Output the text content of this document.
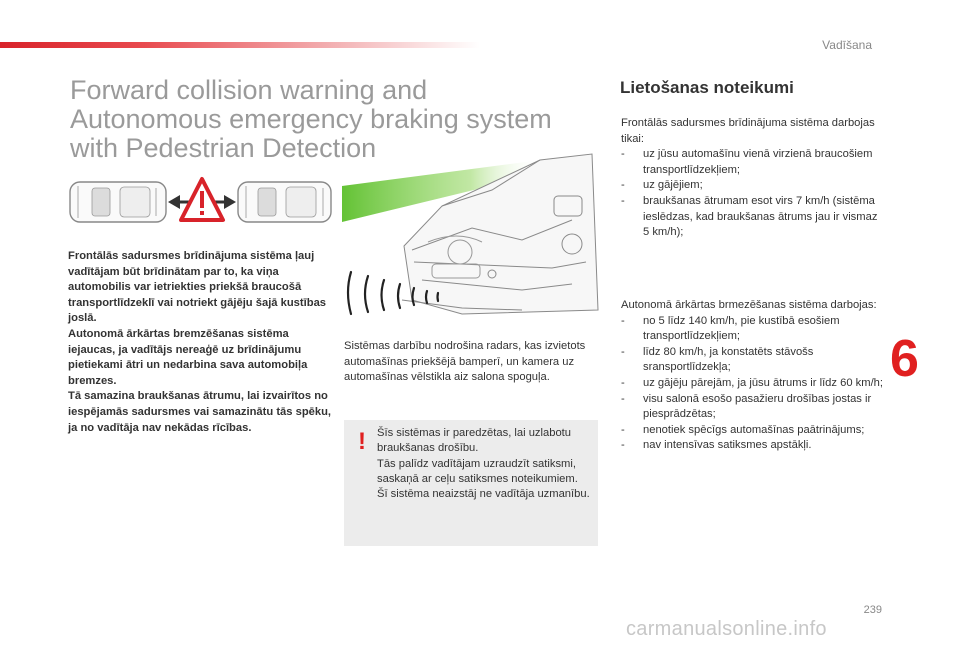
Vadīšana
Forward collision warning and
Autonomous emergency braking system
with Pedestrian Detection

Frontālās sadursmes brīdinājuma sistēma ļauj vadītājam būt brīdinātam par to, ka viņa automobilis var ietriekties priekšā braucošā transportlīdzeklī vai notriekt gājēju šajā kustības joslā.

Autonomā ārkārtas bremzēšanas sistēma iejaucas, ja vadītājs nereaģē uz brīdinājumu pietiekami ātri un nedarbina sava automobiļa bremzes.

Tā samazina braukšanas ātrumu, lai izvairītos no iespējamās sadursmes vai samazinātu tās spēku, ja no vadītāja nav nekādas rīcības.

Sistēmas darbību nodrošina radars, kas izvietots automašīnas priekšējā bamperī, un kamera uz automašīnas vēlstikla aiz salona spoguļa.

! Šīs sistēmas ir paredzētas, lai uzlabotu braukšanas drošību.

Tās palīdz vadītājam uzraudzīt satiksmi, saskaņā ar ceļu satiksmes noteikumiem.

Šī sistēma neaizstāj ne vadītāja uzmanību.

Lietošanas noteikumi

Frontālās sadursmes brīdinājuma sistēma darbojas tikai:

- uz jūsu automašīnu vienā virzienā braucošiem transportlīdzekļiem;
- uz gājējiem;
- braukšanas ātrumam esot virs 7 km/h (sistēma ieslēdzas, kad braukšanas ātrums jau ir vismaz 5 km/h);

Autonomā ārkārtas brmezēšanas sistēma darbojas:

- no 5 līdz 140 km/h, pie kustībā esošiem transportlīdzekļiem;
- līdz 80 km/h, ja konstatēts stāvošs sransportlīdzekļa;
- uz gājēju pārejām, ja jūsu ātrums ir līdz 60 km/h;
- visu salonā esošo pasažieru drošības jostas ir piesprādzētas;
- nenotiek spēcīgs automašīnas paātrinājums;
- nav intensīvas satiksmes apstākļi.
6
239
carmanualsonline.info
